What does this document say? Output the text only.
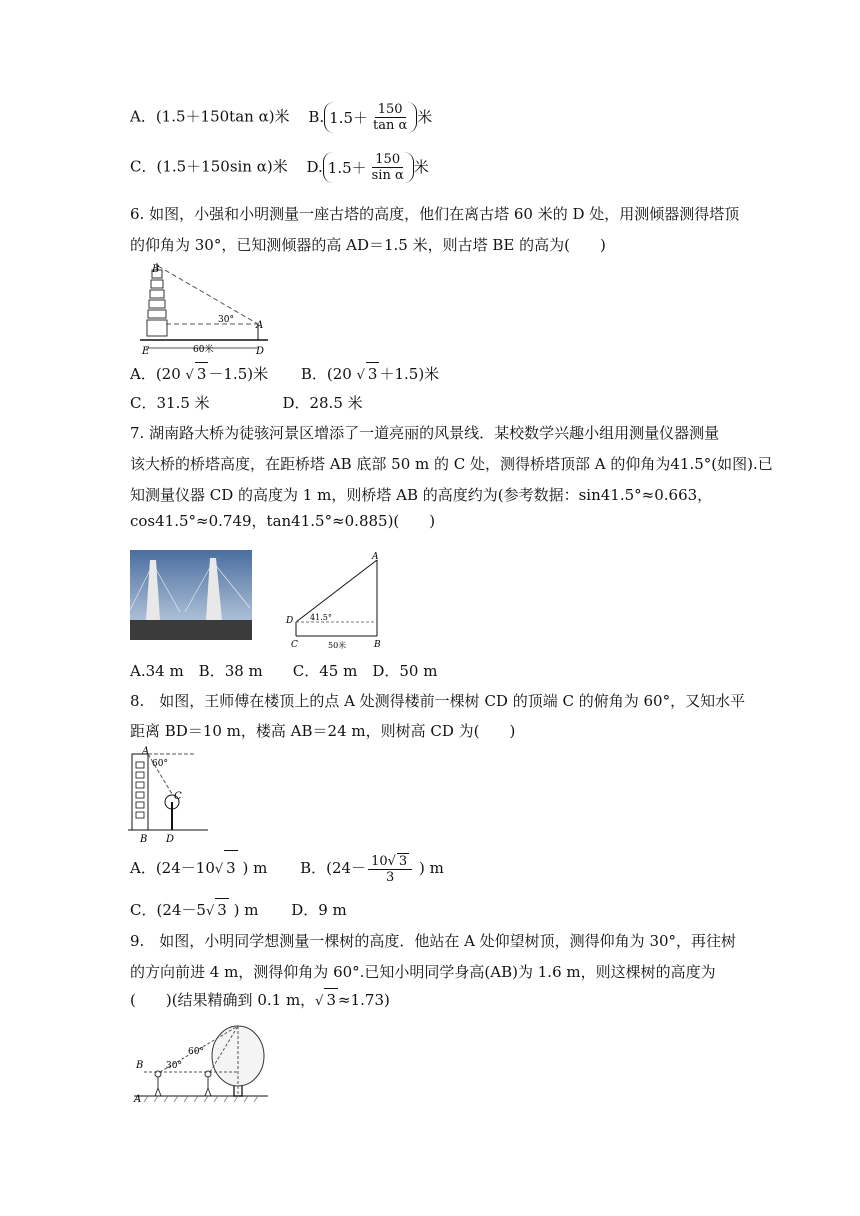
A．(1.5＋150tan α)米 B. $1.5+ \frac{150}{\text{tan α}}$ 米
C．(1.5＋150sin α)米 D. $1.5+ \frac{150}{\text{sin α}}$ 米
6. 如图，小强和小明测量一座古塔的高度，他们在离古塔 60 米的 D 处，用测倾器测得塔顶
的仰角为 30°，已知测倾器的高 AD＝1.5 米，则古塔 BE 的高为(　　)
B
E
A
D
30°
60米
A．(20 √ 3 －1.5)米 B．(20 √ 3 ＋1.5)米
C．31.5 米	D．28.5 米
7. 湖南路大桥为徒骇河景区增添了一道亮丽的风景线．某校数学兴趣小组用测量仪器测量
该大桥的桥塔高度，在距桥塔 AB 底部 50 m 的 C 处，测得桥塔顶部 A 的仰角为41.5°(如图).已
知测量仪器 CD 的高度为 1 m，则桥塔 AB 的高度约为(参考数据：sin41.5°≈0.663，
cos41.5°≈0.749，tan41.5°≈0.885)(　　)
A
B
C
D 41.5°
50米
A.34 m　B．38 m　　C．45 m　D．50 m
8.　如图，王师傅在楼顶上的点 A 处测得楼前一棵树 CD 的顶端 C 的俯角为 60°，又知水平
距离 BD＝10 m，楼高 AB＝24 m，则树高 CD 为(　　)
A
B
C
D
60°
A．(24－10√ 3 ) m B．($24- \frac{10√ 3}{3}$ ) m
C．(24－5√ 3 ) m D．9 m
9.　如图，小明同学想测量一棵树的高度．他站在 A 处仰望树顶，测得仰角为 30°，再往树
的方向前进 4 m，测得仰角为 60°.已知小明同学身高(AB)为 1.6 m，则这棵树的高度为
(　　)(结果精确到 0.1 m，√ 3 ≈1.73)
B
A
30°
60°
